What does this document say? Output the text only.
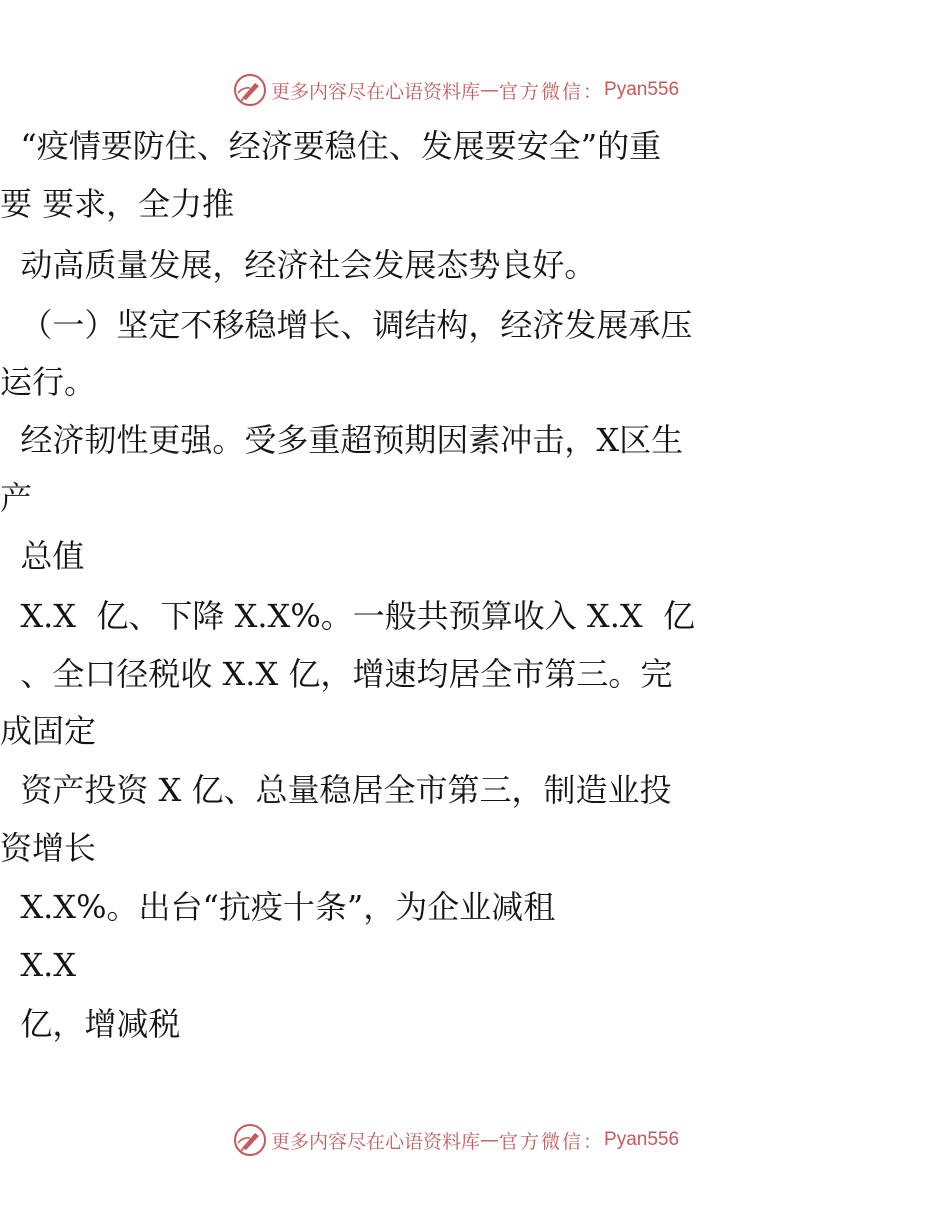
更多内容尽在心语资料库 — 官方微信： Pyan556
“疫情要防住、经济要稳住、发展要安全”的重
要 要求，全力推
动高质量发展，经济社会发展态势良好。
（一）坚定不移稳增长、调结构，经济发展承压
运行。
经济韧性更强。受多重超预期因素冲击，X区生
产
总值
X.X  亿、下降 X.X%。一般共预算收入 X.X  亿
、全口径税收 X.X 亿，增速均居全市第三。完
成固定
资产投资 X 亿、总量稳居全市第三，制造业投
资增长
X.X%。出台“抗疫十条”，为企业减租
X.X
亿，增减税
更多内容尽在心语资料库 — 官方微信： Pyan556
